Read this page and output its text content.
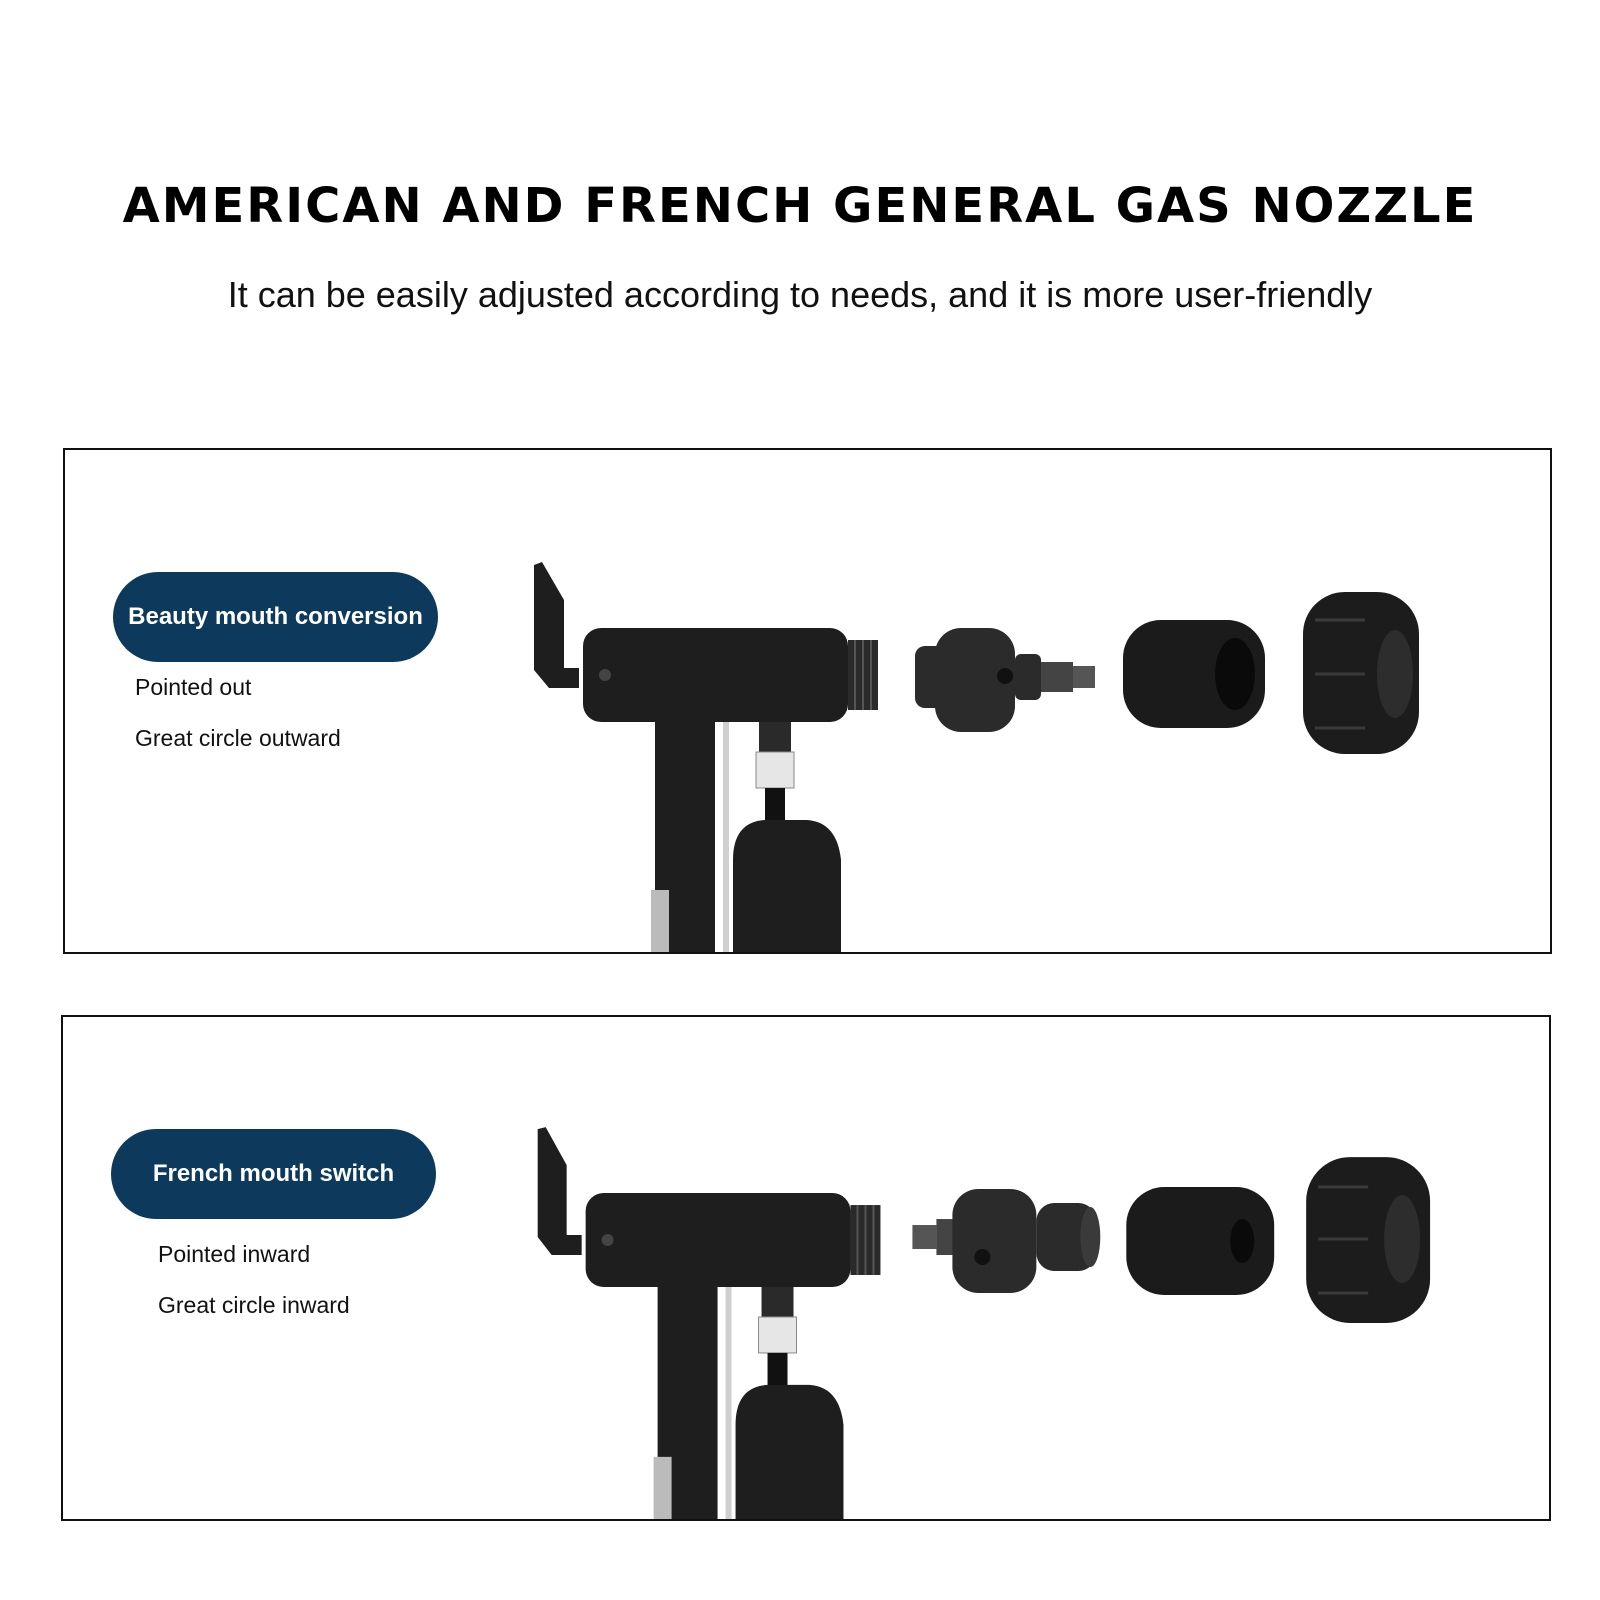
AMERICAN AND FRENCH GENERAL GAS NOZZLE

It can be easily adjusted according to needs, and it is more user-friendly

Beauty mouth conversion

Pointed out

Great circle outward

French mouth switch

Pointed inward

Great circle inward
